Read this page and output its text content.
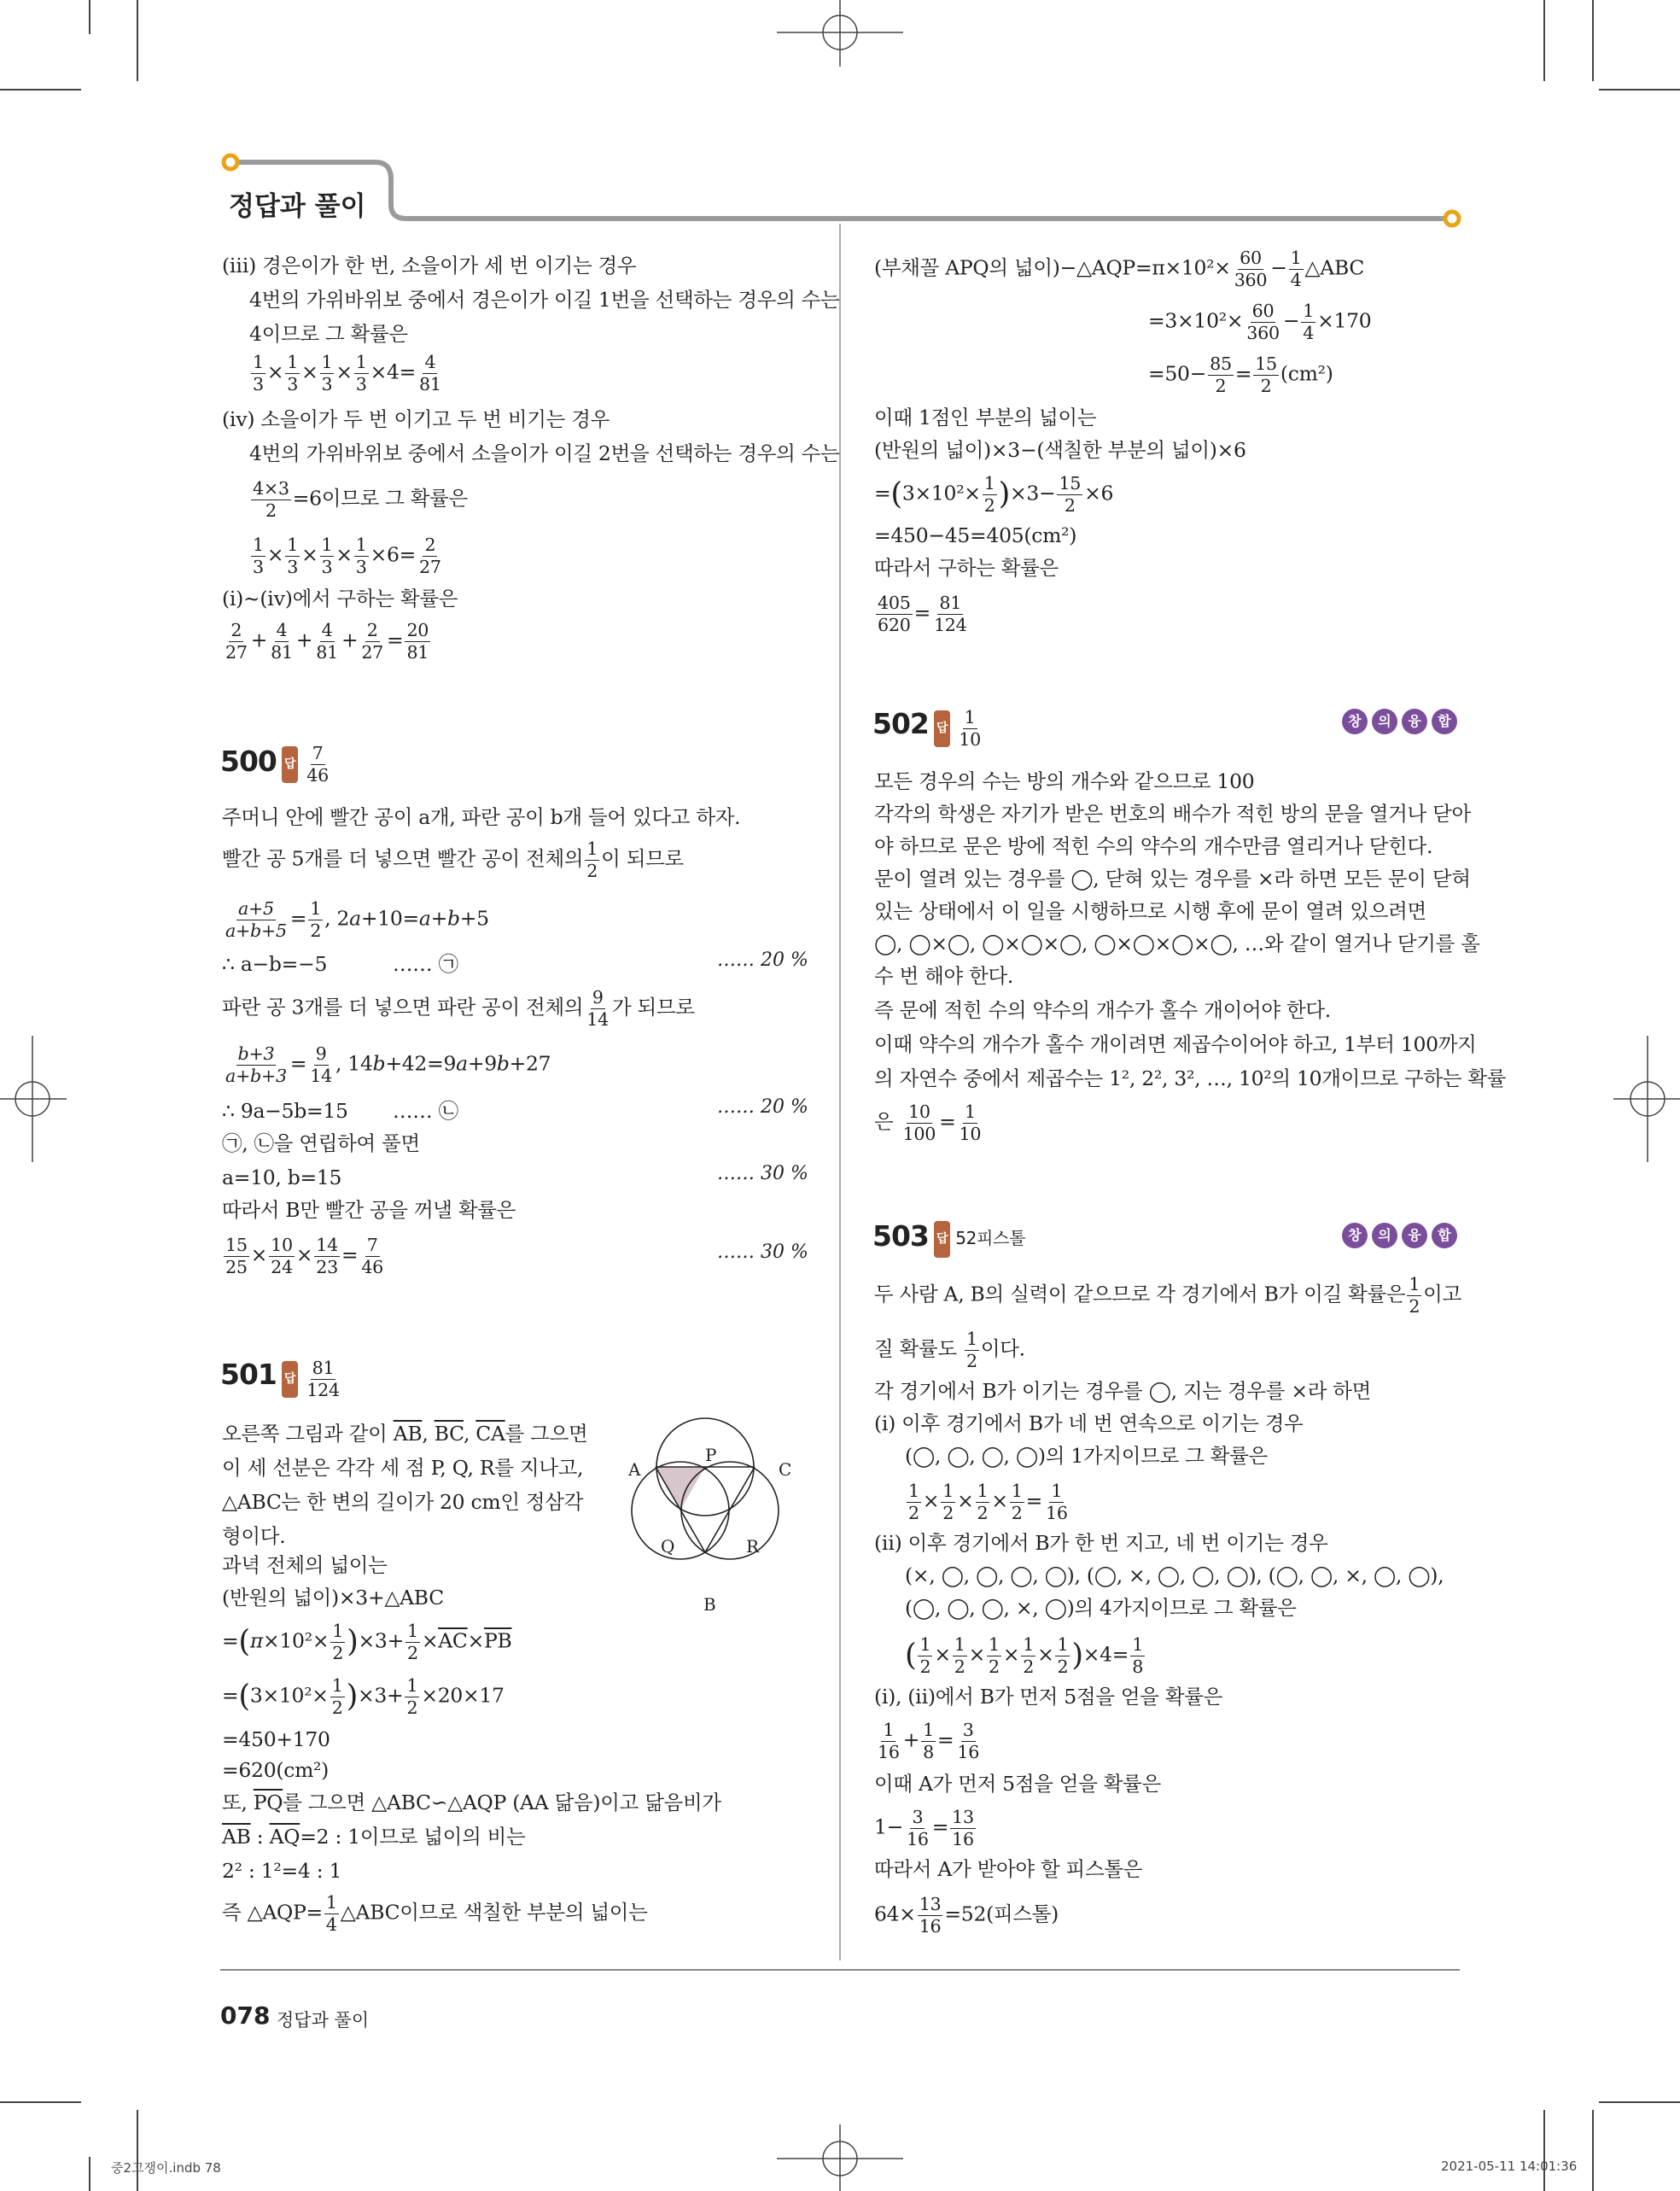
정답과 풀이
(ⅲ) 경은이가 한 번, 소을이가 세 번 이기는 경우
4번의 가위바위보 중에서 경은이가 이길 1번을 선택하는 경우의 수는
4이므로 그 확률은
$\frac{1}{3} \times \frac{1}{3} \times \frac{1}{3} \times \frac{1}{3} \times 4= \frac{4}{81}$
(ⅳ) 소을이가 두 번 이기고 두 번 비기는 경우
4번의 가위바위보 중에서 소을이가 이길 2번을 선택하는 경우의 수는
$\frac{4\times 3}{2} =6$이므로 그 확률은
$\frac{1}{3} \times \frac{1}{3} \times \frac{1}{3} \times \frac{1}{3} \times 6= \frac{2}{27}$
(ⅰ)~(ⅳ)에서 구하는 확률은
$\frac{2}{27} + \frac{4}{81} + \frac{4}{81} + \frac{2}{27} = \frac{20}{81}$
500 답 $\frac{7}{46}$
주머니 안에 빨간 공이 a개, 파란 공이 b개 들어 있다고 하자.
빨간 공 5개를 더 넣으면 빨간 공이 전체의 $\frac{1}{2}$ 이 되므로
$\frac{a+5}{a+b+5} = \frac{1}{2}$ , 2a+10=a+b+5
∴ a−b=−5	…… ㉠	…… 20 %
파란 공 3개를 더 넣으면 파란 공이 전체의 $\frac{9}{14}$ 가 되므로
$\frac{b+3}{a+b+3} = \frac{9}{14}$ , 14b+42=9a+9b+27
∴ 9a−5b=15 …… ㉡	…… 20 %
㉠, ㉡을 연립하여 풀면
a=10, b=15	…… 30 %
따라서 B만 빨간 공을 꺼낼 확률은
$\frac{15}{25} \times \frac{10}{24} \times \frac{14}{23} = \frac{7}{46}$	…… 30 %
501 답 $\frac{81}{124}$
오른쪽 그림과 같이 $\overline{AB}$, $\overline{BC}$, $\overline{CA}$를 그으면
이 세 선분은 각각 세 점 P, Q, R를 지나고,
△ABC는 한 변의 길이가 20 cm인 정삼각
형이다.
과녁 전체의 넓이는
(반원의 넓이)×3+△ABC
$=(\pi\times 10^2\times \frac{1}{2} )\times 3+ \frac{1}{2} \times\overline{AC}\times\overline{PB}$
$=(3\times 10^2\times \frac{1}{2} )\times 3+ \frac{1}{2} \times 20\times 17$
=450+170
=620(cm²)
또, $\overline{PQ}$를 그으면 △ABC∽△AQP (AA 닮음)이고 닮음비가
$\overline{AB}$ : $\overline{AQ}=2$ : 1이므로 넓이의 비는
2² : 1²=4 : 1
즉 △AQP= $\frac{1}{4}$ △ABC이므로 색칠한 부분의 넓이는
A
P
C
Q	R
B
(부채꼴 APQ의 넓이)−△AQP=π×10²× $\frac{60}{360} - \frac{1}{4}$ △ABC
$=3\times 10^2\times \frac{60}{360} - \frac{1}{4} \times 170$
$=50- \frac{85}{2} = \frac{15}{2} (cm^2)$
이때 1점인 부분의 넓이는
(반원의 넓이)×3−(색칠한 부분의 넓이)×6
$=(3\times 10^2\times \frac{1}{2} )\times 3- \frac{15}{2} \times 6$
=450−45=405(cm²)
따라서 구하는 확률은
$\frac{405}{620} = \frac{81}{124}$
502 답 $\frac{1}{10}$	창	의	융	합
모든 경우의 수는 방의 개수와 같으므로 100
각각의 학생은 자기가 받은 번호의 배수가 적힌 방의 문을 열거나 닫아
야 하므로 문은 방에 적힌 수의 약수의 개수만큼 열리거나 닫힌다.
문이 열려 있는 경우를 ◯, 닫혀 있는 경우를 ×라 하면 모든 문이 닫혀
있는 상태에서 이 일을 시행하므로 시행 후에 문이 열려 있으려면
◯, ◯×◯, ◯×◯×◯, ◯×◯×◯×◯, …와 같이 열거나 닫기를 홀
수 번 해야 한다.
즉 문에 적힌 수의 약수의 개수가 홀수 개이어야 한다.
이때 약수의 개수가 홀수 개이려면 제곱수이어야 하고, 1부터 100까지
의 자연수 중에서 제곱수는 1², 2², 3², …, 10²의 10개이므로 구하는 확률
은 $\frac{10}{100} = \frac{1}{10}$
503 답 52피스톨	창	의	융	합
두 사람 A, B의 실력이 같으므로 각 경기에서 B가 이길 확률은 $\frac{1}{2}$ 이고
질 확률도 $\frac{1}{2}$ 이다.
각 경기에서 B가 이기는 경우를 ◯, 지는 경우를 ×라 하면
(ⅰ) 이후 경기에서 B가 네 번 연속으로 이기는 경우
(◯, ◯, ◯, ◯)의 1가지이므로 그 확률은
$\frac{1}{2} \times \frac{1}{2} \times \frac{1}{2} \times \frac{1}{2} = \frac{1}{16}$
(ⅱ) 이후 경기에서 B가 한 번 지고, 네 번 이기는 경우
(×, ◯, ◯, ◯, ◯), (◯, ×, ◯, ◯, ◯), (◯, ◯, ×, ◯, ◯),
(◯, ◯, ◯, ×, ◯)의 4가지이므로 그 확률은
( $\frac{1}{2} \times \frac{1}{2} \times \frac{1}{2} \times \frac{1}{2} \times \frac{1}{2} )\times 4= \frac{1}{8}$
(ⅰ), (ⅱ)에서 B가 먼저 5점을 얻을 확률은
$\frac{1}{16} + \frac{1}{8} = \frac{3}{16}$
이때 A가 먼저 5점을 얻을 확률은
$1- \frac{3}{16} = \frac{13}{16}$
따라서 A가 받아야 할 피스톨은
$64\times \frac{13}{16} =52$(피스톨)
078 정답과 풀이
중2고쟁이.indb 78	2021-05-11 14:01:36
